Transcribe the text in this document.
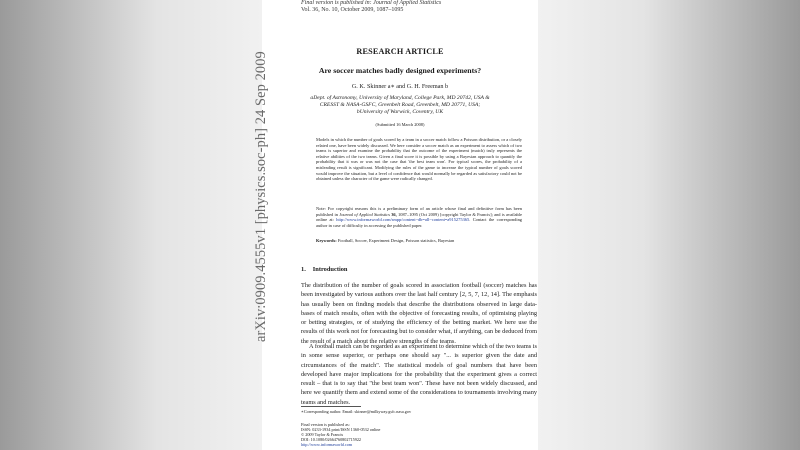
Final version is published in: Journal of Applied Statistics
Vol. 36, No. 10, October 2009, 1087–1095
arXiv:0909.4555v1 [physics.soc-ph] 24 Sep 2009	RESEARCH ARTICLE
Are soccer matches badly designed experiments?
G. K. Skinner a∗ and G. H. Freeman b
aDept. of Astronomy, University of Maryland, College Park, MD 20742, USA &
CRESST & NASA-GSFC, Greenbelt Road, Greenbelt, MD 20771, USA;
bUniversity of Warwick, Coventry, UK
(Submitted 16 March 2008)
Models in which the number of goals scored by a team in a soccer match follow a Poisson distribution, or a closely related one, have been widely discussed. We here consider a soccer match as an experiment to assess which of two teams is superior and examine the probability that the outcome of the experiment (match) truly represents the relative abilities of the two teams. Given a final score it is possible by using a Bayesian approach to quantify the probability that it was or was not the case that 'the best team won'. For typical scores, the probability of a misleading result is significant. Modifying the rules of the game to increase the typical number of goals scored would improve the situation, but a level of confidence that would normally be regarded as satisfactory could not be obtained unless the character of the game were radically changed.
Note: For copyright reasons this is a preliminary form of an article whose final and definitive form has been published in Journal of Applied Statistics 36, 1087–1095 (Oct 2009) [copyright Taylor & Francis]; and is available online at: http://www.informaworld.com/smpp/content~db=all~content=a915275365. Contact the corresponding author in case of difficulty in accessing the published paper.
Keywords: Football, Soccer, Experiment Design, Poisson statistics, Bayesian
1. Introduction
The distribution of the number of goals scored in association football (soccer) matches has been investigated by various authors over the last half century [2, 5, 7, 12, 14]. The emphasis has usually been on finding models that describe the distributions observed in large data-bases of match results, often with the objective of forecasting results, of optimising playing or betting strategies, or of studying the efficiency of the betting market. We here use the results of this work not for forecasting but to consider what, if anything, can be deduced from the result of a match about the relative strengths of the teams.
A football match can be regarded as an experiment to determine which of the two teams is in some sense superior, or perhaps one should say "... is superior given the date and circumstances of the match". The statistical models of goal numbers that have been developed have major implications for the probability that the experiment gives a correct result – that is to say that "the best team won". These have not been widely discussed, and here we quantify them and extend some of the considerations to tournaments involving many teams and matches.
∗Corresponding author. Email: skinner@milkyway.gsfc.nasa.gov
Final version is published as:
ISSN: 0233-1934 print/ISSN 1360-0532 online
© 2009 Taylor & Francis
DOI: 10.1080/02664760802715922
http://www.informaworld.com
